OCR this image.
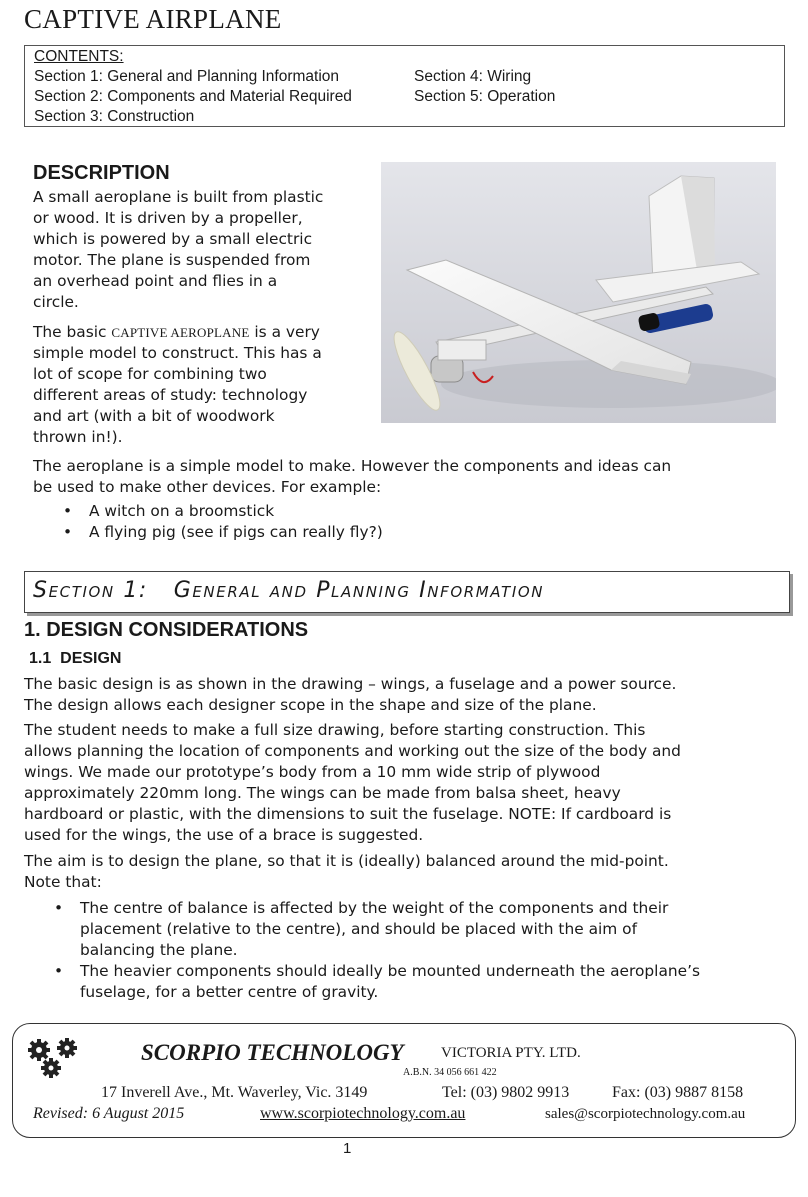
CAPTIVE AIRPLANE
CONTENTS:
Section 1: General and Planning Information
Section 2: Components and Material Required
Section 3: Construction
Section 4: Wiring
Section 5: Operation
DESCRIPTION
A small aeroplane is built from plastic
or wood. It is driven by a propeller,
which is powered by a small electric
motor. The plane is suspended from
an overhead point and flies in a
circle.
The basic CAPTIVE AEROPLANE is a very
simple model to construct. This has a
lot of scope for combining two
different areas of study: technology
and art (with a bit of woodwork
thrown in!).
The aeroplane is a simple model to make. However the components and ideas can
be used to make other devices. For example:
• A witch on a broomstick
• A flying pig (see if pigs can really fly?)
Section 1:   General and Planning Information
1. DESIGN CONSIDERATIONS
1.1  DESIGN
The basic design is as shown in the drawing – wings, a fuselage and a power source.
The design allows each designer scope in the shape and size of the plane.
The student needs to make a full size drawing, before starting construction. This
allows planning the location of components and working out the size of the body and
wings. We made our prototype’s body from a 10 mm wide strip of plywood
approximately 220mm long. The wings can be made from balsa sheet, heavy
hardboard or plastic, with the dimensions to suit the fuselage. NOTE: If cardboard is
used for the wings, the use of a brace is suggested.
The aim is to design the plane, so that it is (ideally) balanced around the mid-point.
Note that:
• The centre of balance is affected by the weight of the components and their
placement (relative to the centre), and should be placed with the aim of
balancing the plane.
• The heavier components should ideally be mounted underneath the aeroplane’s
fuselage, for a better centre of gravity.
SCORPIO TECHNOLOGY VICTORIA PTY. LTD.
A.B.N. 34 056 661 422
17 Inverell Ave., Mt. Waverley, Vic. 3149	Tel: (03) 9802 9913	Fax: (03) 9887 8158
Revised: 6 August 2015	www.scorpiotechnology.com.au	sales@scorpiotechnology.com.au
1
